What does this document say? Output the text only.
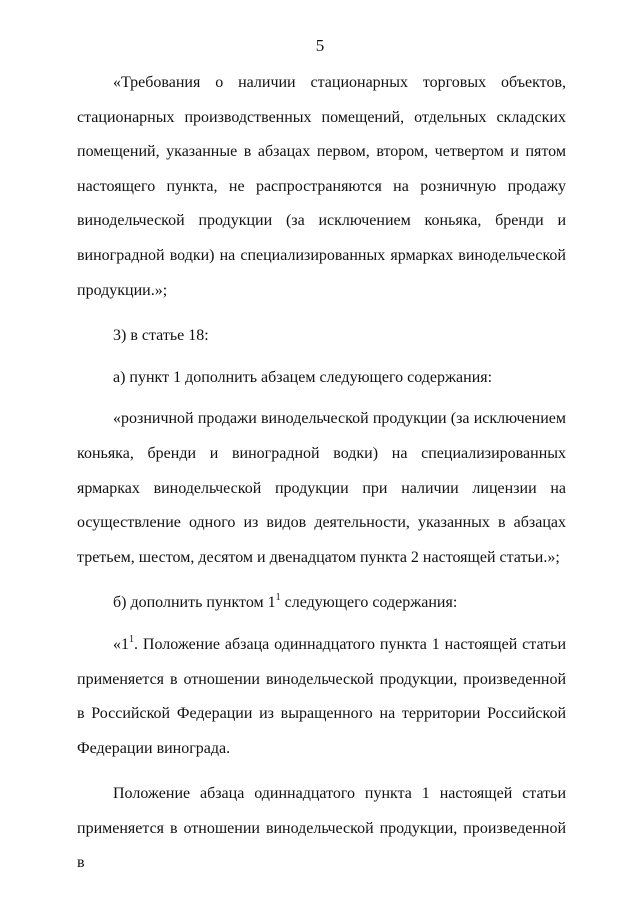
5

«Требования о наличии стационарных торговых объектов, стационарных производственных помещений, отдельных складских помещений, указанные в абзацах первом, втором, четвертом и пятом настоящего пункта, не распространяются на розничную продажу винодельческой продукции (за исключением коньяка, бренди и виноградной водки) на специализированных ярмарках винодельческой продукции.»;

3) в статье 18:

а) пункт 1 дополнить абзацем следующего содержания:

«розничной продажи винодельческой продукции (за исключением коньяка, бренди и виноградной водки) на специализированных ярмарках винодельческой продукции при наличии лицензии на осуществление одного из видов деятельности, указанных в абзацах третьем, шестом, десятом и двенадцатом пункта 2 настоящей статьи.»;

б) дополнить пунктом $1^1$ следующего содержания:

«$1^1$. Положение абзаца одиннадцатого пункта 1 настоящей статьи применяется в отношении винодельческой продукции, произведенной в Российской Федерации из выращенного на территории Российской Федерации винограда.

Положение абзаца одиннадцатого пункта 1 настоящей статьи применяется в отношении винодельческой продукции, произведенной в
